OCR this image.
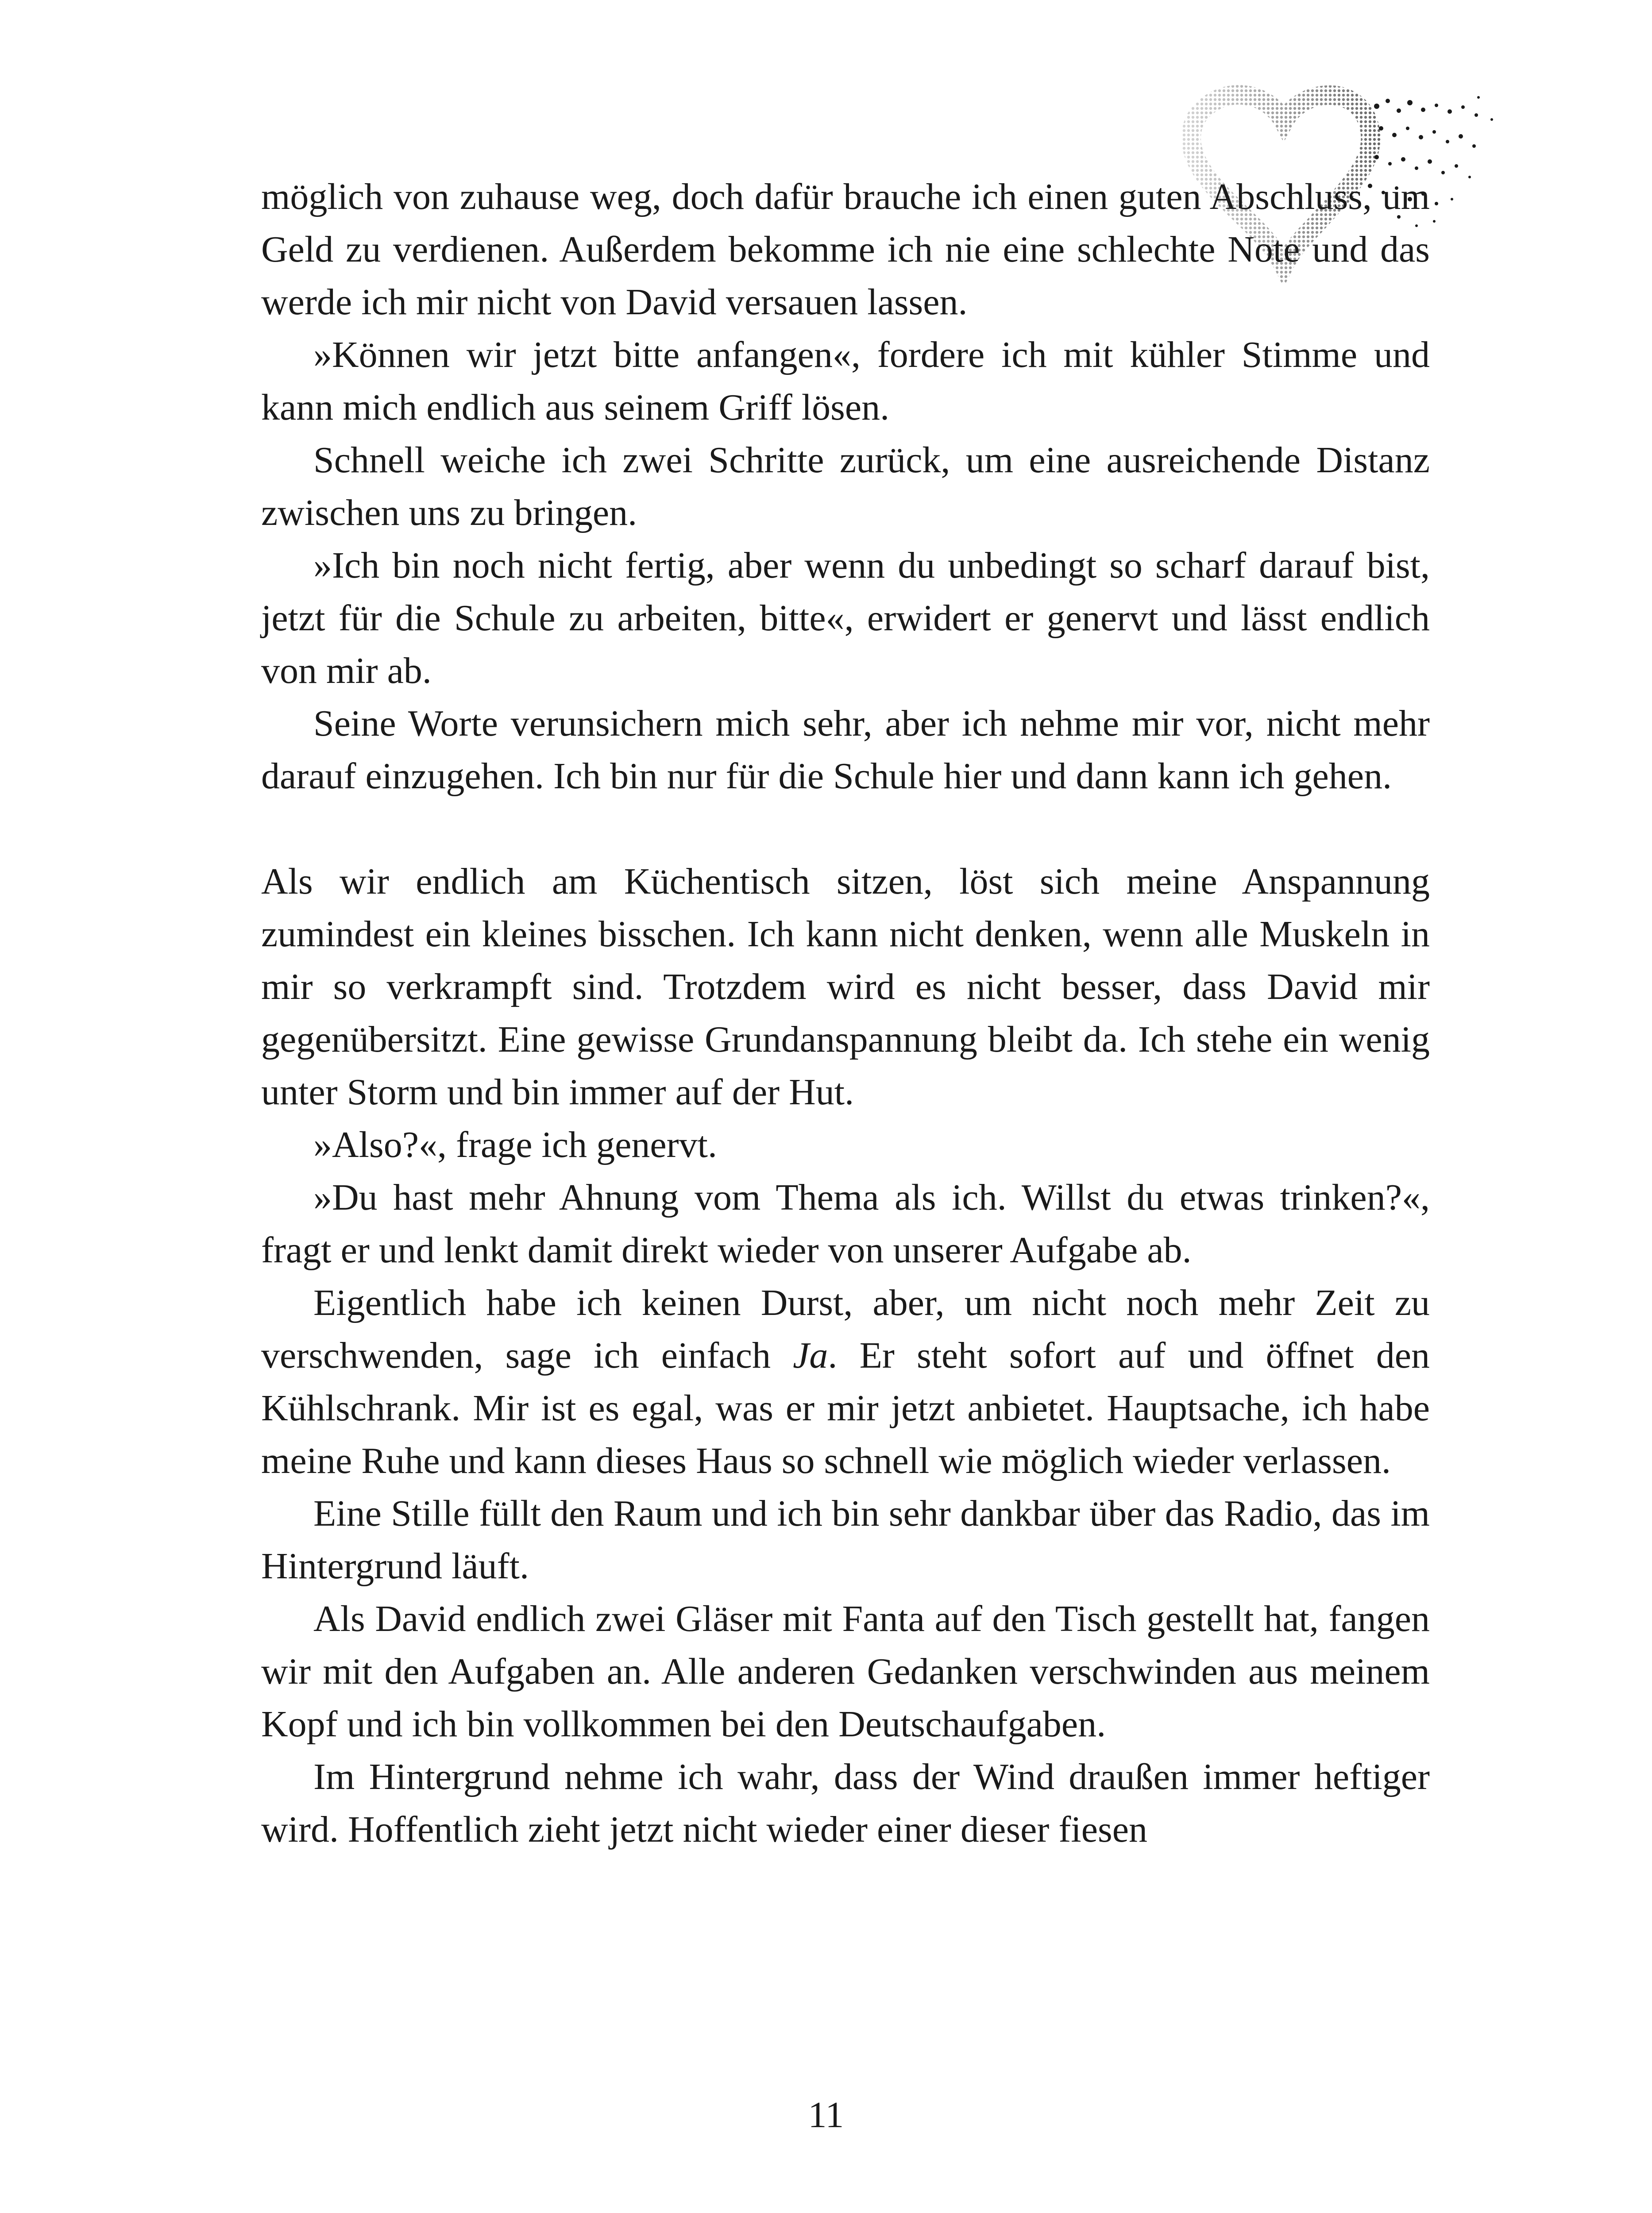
möglich von zuhause weg, doch dafür brauche ich einen guten Abschluss, um Geld zu verdienen. Außerdem bekomme ich nie eine schlechte Note und das werde ich mir nicht von David versauen lassen.

»Können wir jetzt bitte anfangen«, fordere ich mit kühler Stimme und kann mich endlich aus seinem Griff lösen.

Schnell weiche ich zwei Schritte zurück, um eine ausreichende Distanz zwischen uns zu bringen.

»Ich bin noch nicht fertig, aber wenn du unbedingt so scharf darauf bist, jetzt für die Schule zu arbeiten, bitte«, erwidert er genervt und lässt endlich von mir ab.

Seine Worte verunsichern mich sehr, aber ich nehme mir vor, nicht mehr darauf einzugehen. Ich bin nur für die Schule hier und dann kann ich gehen.

Als wir endlich am Küchentisch sitzen, löst sich meine Anspannung zumindest ein kleines bisschen. Ich kann nicht denken, wenn alle Muskeln in mir so verkrampft sind. Trotzdem wird es nicht besser, dass David mir gegenübersitzt. Eine gewisse Grundanspannung bleibt da. Ich stehe ein wenig unter Storm und bin immer auf der Hut.

»Also?«, frage ich genervt.

»Du hast mehr Ahnung vom Thema als ich. Willst du etwas trinken?«, fragt er und lenkt damit direkt wieder von unserer Aufgabe ab.

Eigentlich habe ich keinen Durst, aber, um nicht noch mehr Zeit zu verschwenden, sage ich einfach Ja. Er steht sofort auf und öffnet den Kühlschrank. Mir ist es egal, was er mir jetzt anbietet. Hauptsache, ich habe meine Ruhe und kann dieses Haus so schnell wie möglich wieder verlassen.

Eine Stille füllt den Raum und ich bin sehr dankbar über das Radio, das im Hintergrund läuft.

Als David endlich zwei Gläser mit Fanta auf den Tisch gestellt hat, fangen wir mit den Aufgaben an. Alle anderen Gedanken verschwinden aus meinem Kopf und ich bin vollkommen bei den Deutschaufgaben.

Im Hintergrund nehme ich wahr, dass der Wind draußen immer heftiger wird. Hoffentlich zieht jetzt nicht wieder einer dieser fiesen

11
